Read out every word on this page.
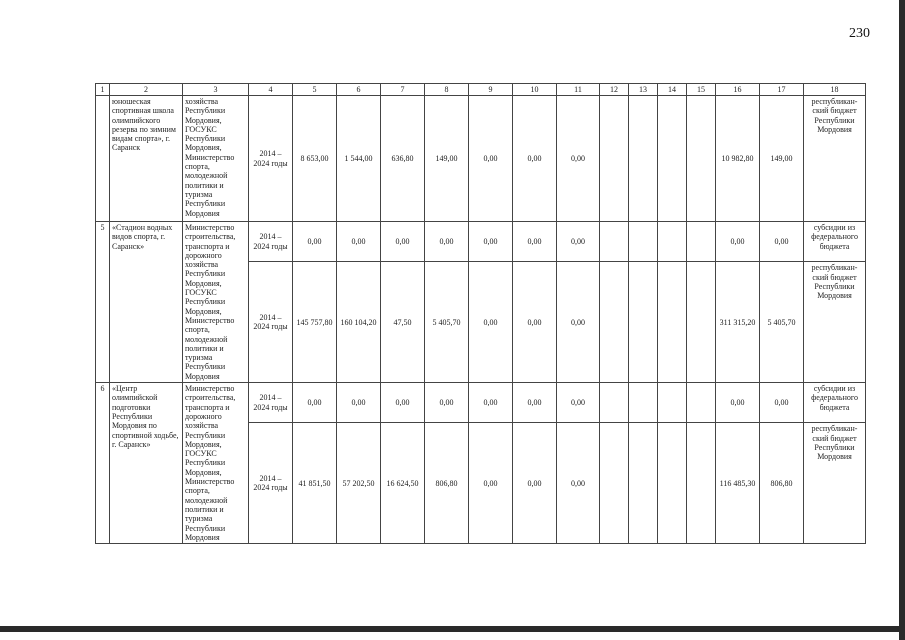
230
1	2	3	4	5	6	7	8	9	10	11	12	13	14	15	16	17	18
	юношеская спортивная школа олимпийского резерва по зимним видам спорта», г. Саранск	хозяйства Республики Мордовия, ГОСУКС Республики Мордовия, Министерство спорта, молодежной политики и туризма Республики Мордовия	2014 – 2024 годы	8 653,00	1 544,00	636,80	149,00	0,00	0,00	0,00					10 982,80	149,00	республикан-ский бюджет Республики Мордовия
5	«Стадион водных видов спорта, г. Саранск»	Министерство строительства, транспорта и дорожного хозяйства Республики Мордовия, ГОСУКС Республики Мордовия, Министерство спорта, молодежной политики и туризма Республики Мордовия	2014 – 2024 годы	0,00	0,00	0,00	0,00	0,00	0,00	0,00					0,00	0,00	субсидии из федерального бюджета
			2014 – 2024 годы	145 757,80	160 104,20	47,50	5 405,70	0,00	0,00	0,00					311 315,20	5 405,70	республикан-ский бюджет Республики Мордовия
6	«Центр олимпийской подготовки Республики Мордовия по спортивной ходьбе, г. Саранск»	Министерство строительства, транспорта и дорожного хозяйства Республики Мордовия, ГОСУКС Республики Мордовия, Министерство спорта, молодежной политики и туризма Республики Мордовия	2014 – 2024 годы	0,00	0,00	0,00	0,00	0,00	0,00	0,00					0,00	0,00	субсидии из федерального бюджета
			2014 – 2024 годы	41 851,50	57 202,50	16 624,50	806,80	0,00	0,00	0,00					116 485,30	806,80	республикан-ский бюджет Республики Мордовия
